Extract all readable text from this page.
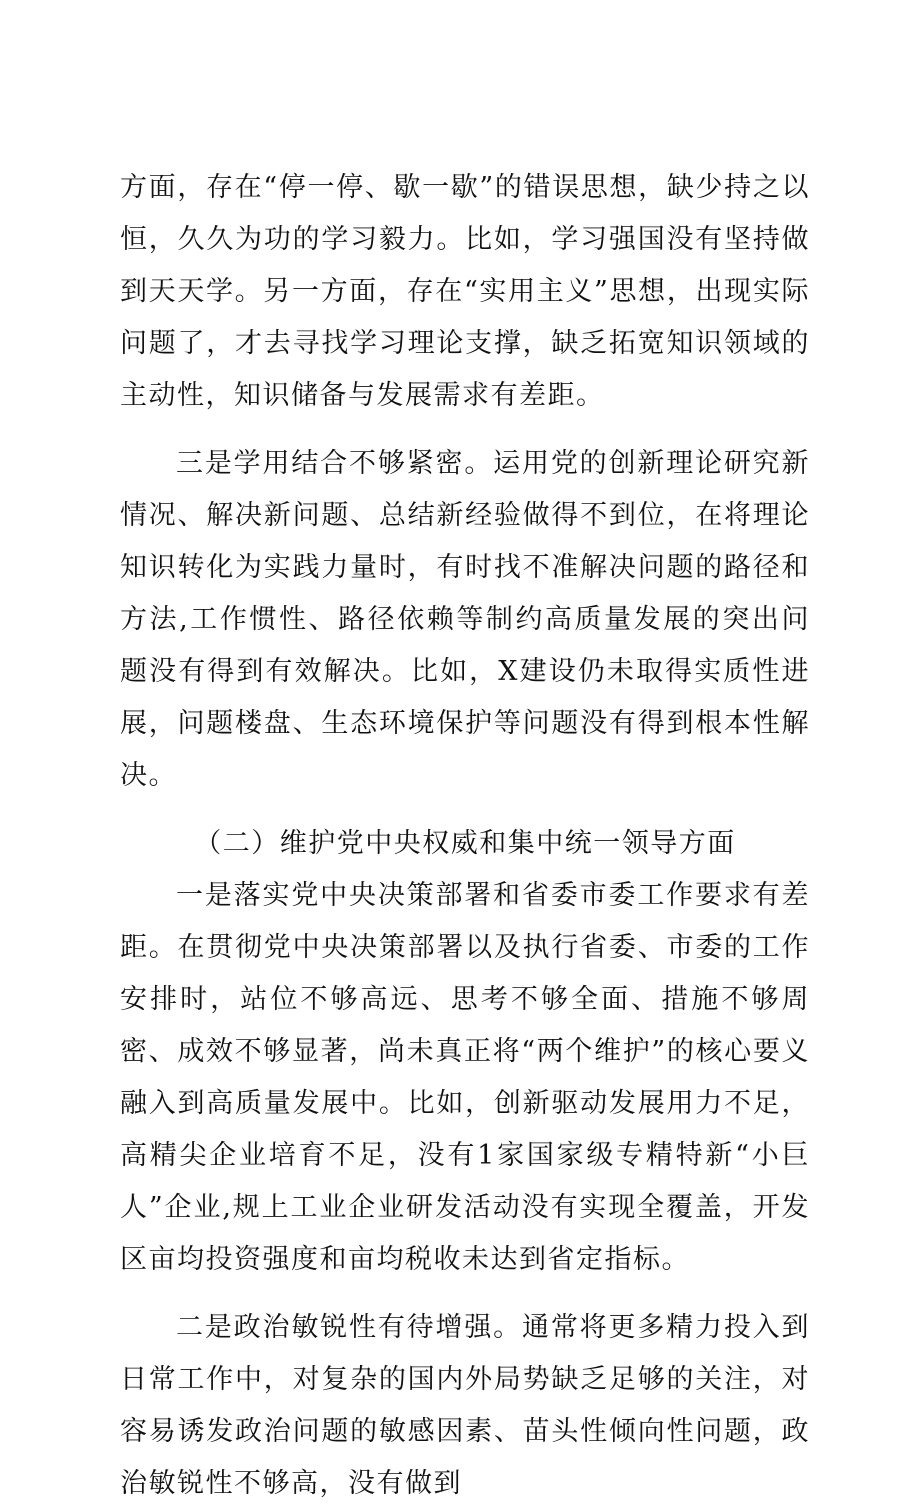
方面，存在“停一停、歇一歇”的错误思想，缺少持之以恒，久久为功的学习毅力。比如，学习强国没有坚持做到天天学。另一方面，存在“实用主义”思想，出现实际问题了，才去寻找学习理论支撑，缺乏拓宽知识领域的主动性，知识储备与发展需求有差距。

三是学用结合不够紧密。运用党的创新理论研究新情况、解决新问题、总结新经验做得不到位，在将理论知识转化为实践力量时，有时找不准解决问题的路径和方法,工作惯性、路径依赖等制约高质量发展的突出问题没有得到有效解决。比如，X建设仍未取得实质性进展，问题楼盘、生态环境保护等问题没有得到根本性解决。

（二）维护党中央权威和集中统一领导方面

一是落实党中央决策部署和省委市委工作要求有差距。在贯彻党中央决策部署以及执行省委、市委的工作安排时，站位不够高远、思考不够全面、措施不够周密、成效不够显著，尚未真正将“两个维护”的核心要义融入到高质量发展中。比如，创新驱动发展用力不足，高精尖企业培育不足，没有1家国家级专精特新“小巨人”企业,规上工业企业研发活动没有实现全覆盖，开发区亩均投资强度和亩均税收未达到省定指标。

二是政治敏锐性有待增强。通常将更多精力投入到日常工作中，对复杂的国内外局势缺乏足够的关注，对容易诱发政治问题的敏感因素、苗头性倾向性问题，政治敏锐性不够高，没有做到
